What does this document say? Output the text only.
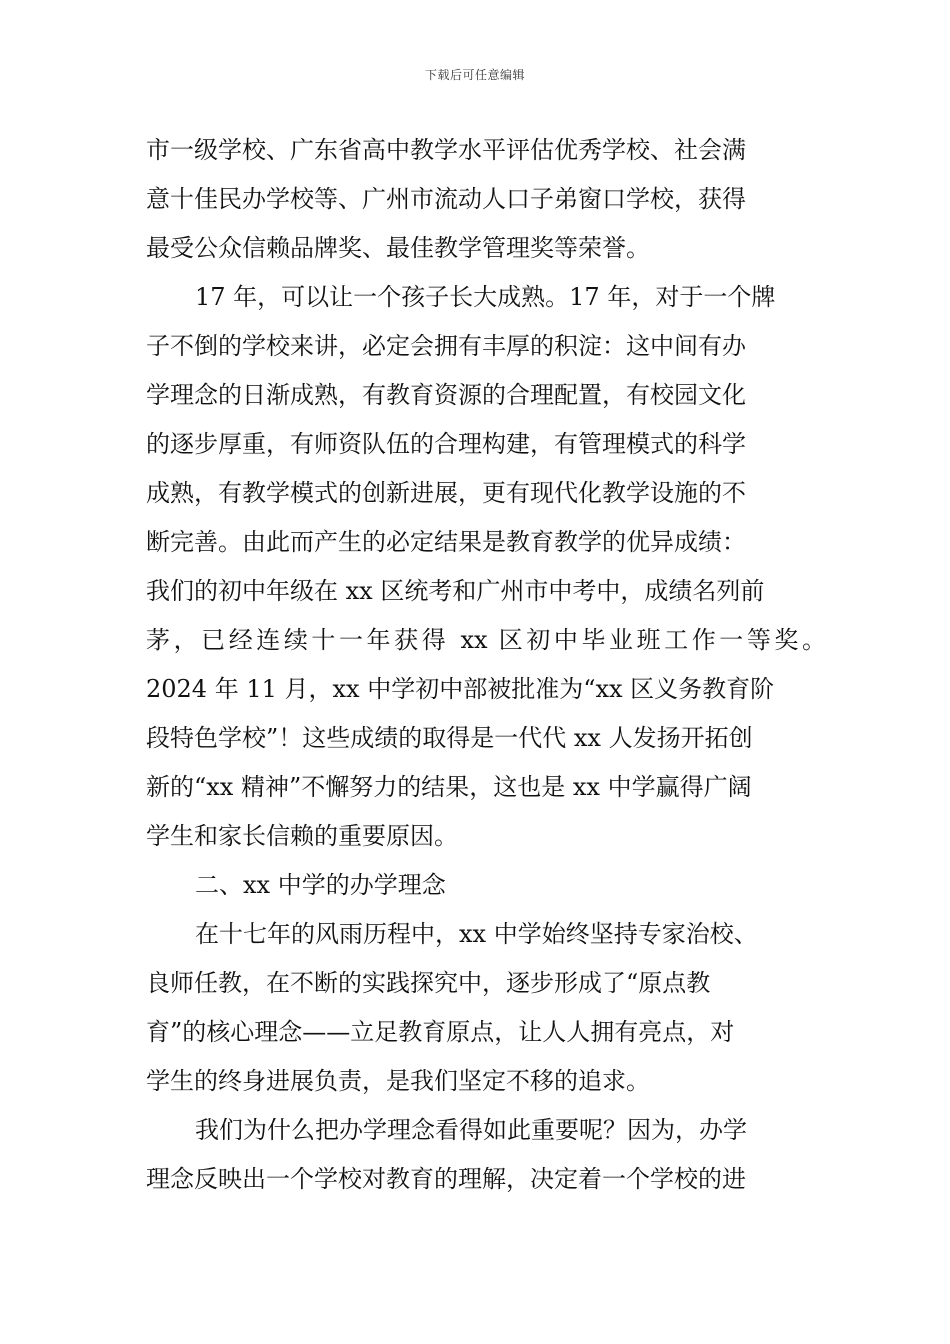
下载后可任意编辑
市一级学校、广东省高中教学水平评估优秀学校、社会满
意十佳民办学校等、广州市流动人口子弟窗口学校，获得
最受公众信赖品牌奖、最佳教学管理奖等荣誉。
17 年，可以让一个孩子长大成熟。17 年，对于一个牌
子不倒的学校来讲，必定会拥有丰厚的积淀：这中间有办
学理念的日渐成熟，有教育资源的合理配置，有校园文化
的逐步厚重，有师资队伍的合理构建，有管理模式的科学
成熟，有教学模式的创新进展，更有现代化教学设施的不
断完善。由此而产生的必定结果是教育教学的优异成绩：
我们的初中年级在 xx 区统考和广州市中考中，成绩名列前
茅，已经连续十一年获得 xx 区初中毕业班工作一等奖。
2024 年 11 月，xx 中学初中部被批准为“xx 区义务教育阶
段特色学校”！这些成绩的取得是一代代 xx 人发扬开拓创
新的“xx 精神”不懈努力的结果，这也是 xx 中学赢得广阔
学生和家长信赖的重要原因。
二、xx 中学的办学理念
在十七年的风雨历程中，xx 中学始终坚持专家治校、
良师任教，在不断的实践探究中，逐步形成了“原点教
育”的核心理念——立足教育原点，让人人拥有亮点，对
学生的终身进展负责，是我们坚定不移的追求。
我们为什么把办学理念看得如此重要呢？因为，办学
理念反映出一个学校对教育的理解，决定着一个学校的进
